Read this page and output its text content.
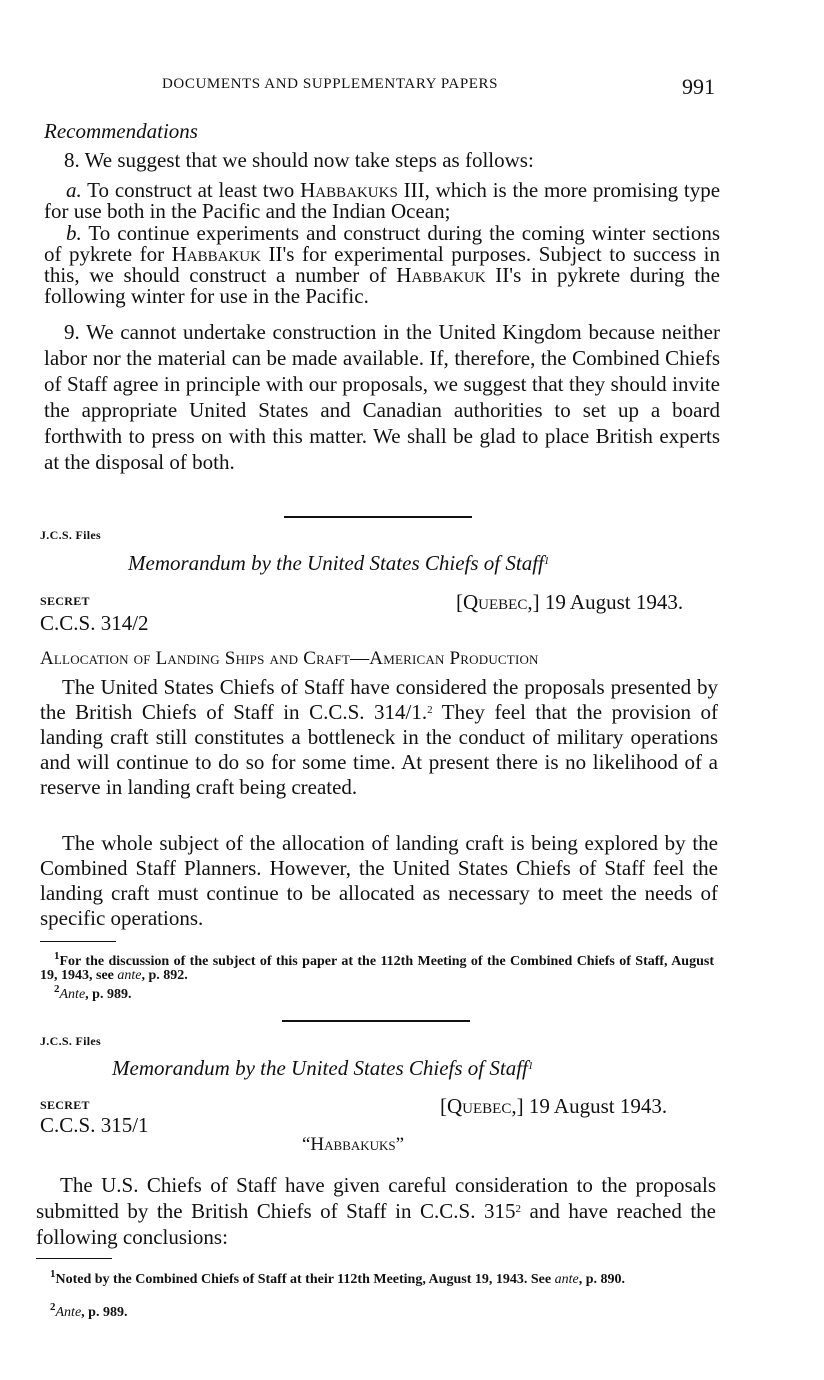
DOCUMENTS AND SUPPLEMENTARY PAPERS	991
Recommendations
8. We suggest that we should now take steps as follows:
a. To construct at least two Habbakuks III, which is the more promising type for use both in the Pacific and the Indian Ocean;
b. To continue experiments and construct during the coming winter sections of pykrete for Habbakuk II's for experimental purposes. Subject to success in this, we should construct a number of Habbakuk II's in pykrete during the following winter for use in the Pacific.
9. We cannot undertake construction in the United Kingdom because neither labor nor the material can be made available. If, therefore, the Combined Chiefs of Staff agree in principle with our proposals, we suggest that they should invite the appropriate United States and Canadian authorities to set up a board forthwith to press on with this matter. We shall be glad to place British experts at the disposal of both.
J.C.S. Files
Memorandum by the United States Chiefs of Staff$^1$
SECRET	[Quebec,] 19 August 1943.
C.C.S. 314/2
Allocation of Landing Ships and Craft—American Production
The United States Chiefs of Staff have considered the proposals presented by the British Chiefs of Staff in C.C.S. 314/1.$^2$ They feel that the provision of landing craft still constitutes a bottleneck in the conduct of military operations and will continue to do so for some time. At present there is no likelihood of a reserve in landing craft being created.
The whole subject of the allocation of landing craft is being explored by the Combined Staff Planners. However, the United States Chiefs of Staff feel the landing craft must continue to be allocated as necessary to meet the needs of specific operations.
$^1$For the discussion of the subject of this paper at the 112th Meeting of the Combined Chiefs of Staff, August 19, 1943, see ante, p. 892.
$^2$Ante, p. 989.
J.C.S. Files
Memorandum by the United States Chiefs of Staff$^1$
SECRET	[Quebec,] 19 August 1943.
C.C.S. 315/1
“Habbakuks”
The U.S. Chiefs of Staff have given careful consideration to the proposals submitted by the British Chiefs of Staff in C.C.S. $315^2$ and have reached the following conclusions:
$^1$Noted by the Combined Chiefs of Staff at their 112th Meeting, August 19, 1943. See ante, p. 890.
$^2$Ante, p. 989.
